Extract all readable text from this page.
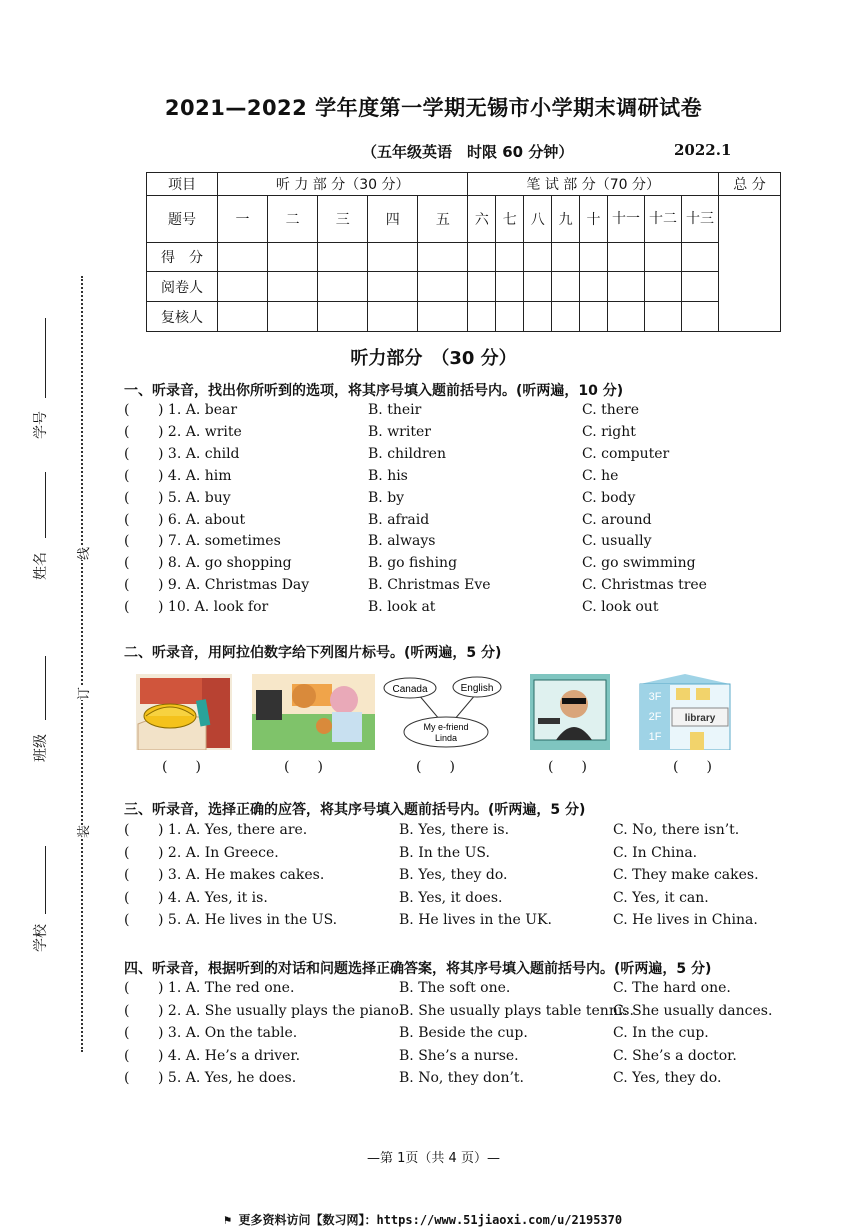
2021—2022 学年度第一学期无锡市小学期末调研试卷
（五年级英语　时限 60 分钟）	2022.1
项目	听 力 部 分（30 分）					笔 试 部 分（70 分）								总 分
题号	一	二	三	四	五	六	七	八	九	十	十一	十二	十三	
得　分														
阅卷人														
复核人														
线
订
装
学号
姓名
班级
学校
听力部分　（30 分）
一、听录音，找出你所听到的选项，将其序号填入题前括号内。(听两遍，10 分)
( ) 1. A. bear	B. their	C. there
( ) 2. A. write	B. writer	C. right
( ) 3. A. child	B. children	C. computer
( ) 4. A. him	B. his	C. he
( ) 5. A. buy	B. by	C. body
( ) 6. A. about	B. afraid	C. around
( ) 7. A. sometimes	B. always	C. usually
( ) 8. A. go shopping	B. go fishing	C. go swimming
( ) 9. A. Christmas Day	B. Christmas Eve	C. Christmas tree
( ) 10. A. look for	B. look at	C. look out
二、听录音，用阿拉伯数字给下列图片标号。(听两遍，5 分)
Canada	English
My e-friend
Linda
3F
2F
1F
library
(　　)	(　　)	(　　)	(　　)	(　　)
三、听录音，选择正确的应答，将其序号填入题前括号内。(听两遍，5 分)
( ) 1. A. Yes, there are.	B. Yes, there is.	C. No, there isn’t.
( ) 2. A. In Greece.	B. In the US.	C. In China.
( ) 3. A. He makes cakes.	B. Yes, they do.	C. They make cakes.
( ) 4. A. Yes, it is.	B. Yes, it does.	C. Yes, it can.
( ) 5. A. He lives in the US.	B. He lives in the UK.	C. He lives in China.
四、听录音，根据听到的对话和问题选择正确答案，将其序号填入题前括号内。(听两遍，5 分)
( ) 1. A. The red one.	B. The soft one.	C. The hard one.
( ) 2. A. She usually plays the piano.
B. She usually plays table tennis.
C. She usually dances.
( ) 3. A. On the table.	B. Beside the cup.	C. In the cup.
( ) 4. A. He’s a driver.	B. She’s a nurse.	C. She’s a doctor.
( ) 5. A. Yes, he does.	B. No, they don’t.	C. Yes, they do.
—第 1页（共 4 页）—
⚑ 更多资料访问【数习网】：https://www.51jiaoxi.com/u/2195370
